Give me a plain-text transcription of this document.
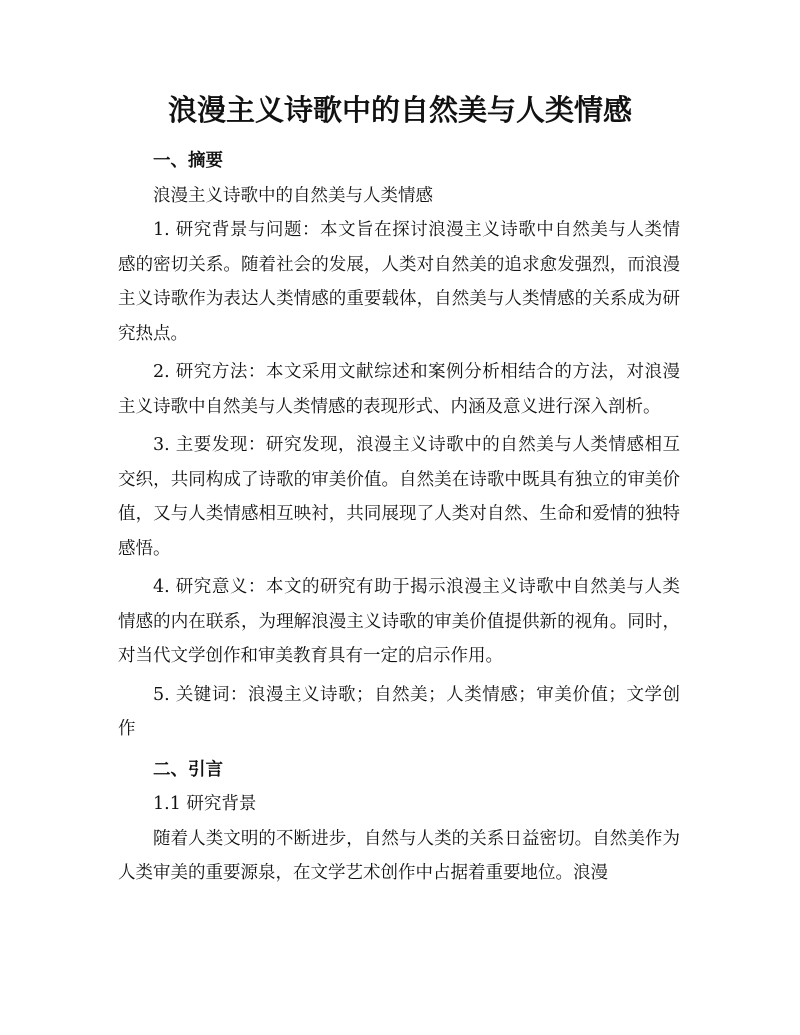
浪漫主义诗歌中的自然美与人类情感

一、摘要

浪漫主义诗歌中的自然美与人类情感

1. 研究背景与问题：本文旨在探讨浪漫主义诗歌中自然美与人类情感的密切关系。随着社会的发展，人类对自然美的追求愈发强烈，而浪漫主义诗歌作为表达人类情感的重要载体，自然美与人类情感的关系成为研究热点。

2. 研究方法：本文采用文献综述和案例分析相结合的方法，对浪漫主义诗歌中自然美与人类情感的表现形式、内涵及意义进行深入剖析。

3. 主要发现：研究发现，浪漫主义诗歌中的自然美与人类情感相互交织，共同构成了诗歌的审美价值。自然美在诗歌中既具有独立的审美价值，又与人类情感相互映衬，共同展现了人类对自然、生命和爱情的独特感悟。

4. 研究意义：本文的研究有助于揭示浪漫主义诗歌中自然美与人类情感的内在联系，为理解浪漫主义诗歌的审美价值提供新的视角。同时，对当代文学创作和审美教育具有一定的启示作用。

5. 关键词：浪漫主义诗歌；自然美；人类情感；审美价值；文学创作

二、引言

1.1 研究背景

随着人类文明的不断进步，自然与人类的关系日益密切。自然美作为人类审美的重要源泉，在文学艺术创作中占据着重要地位。浪漫
